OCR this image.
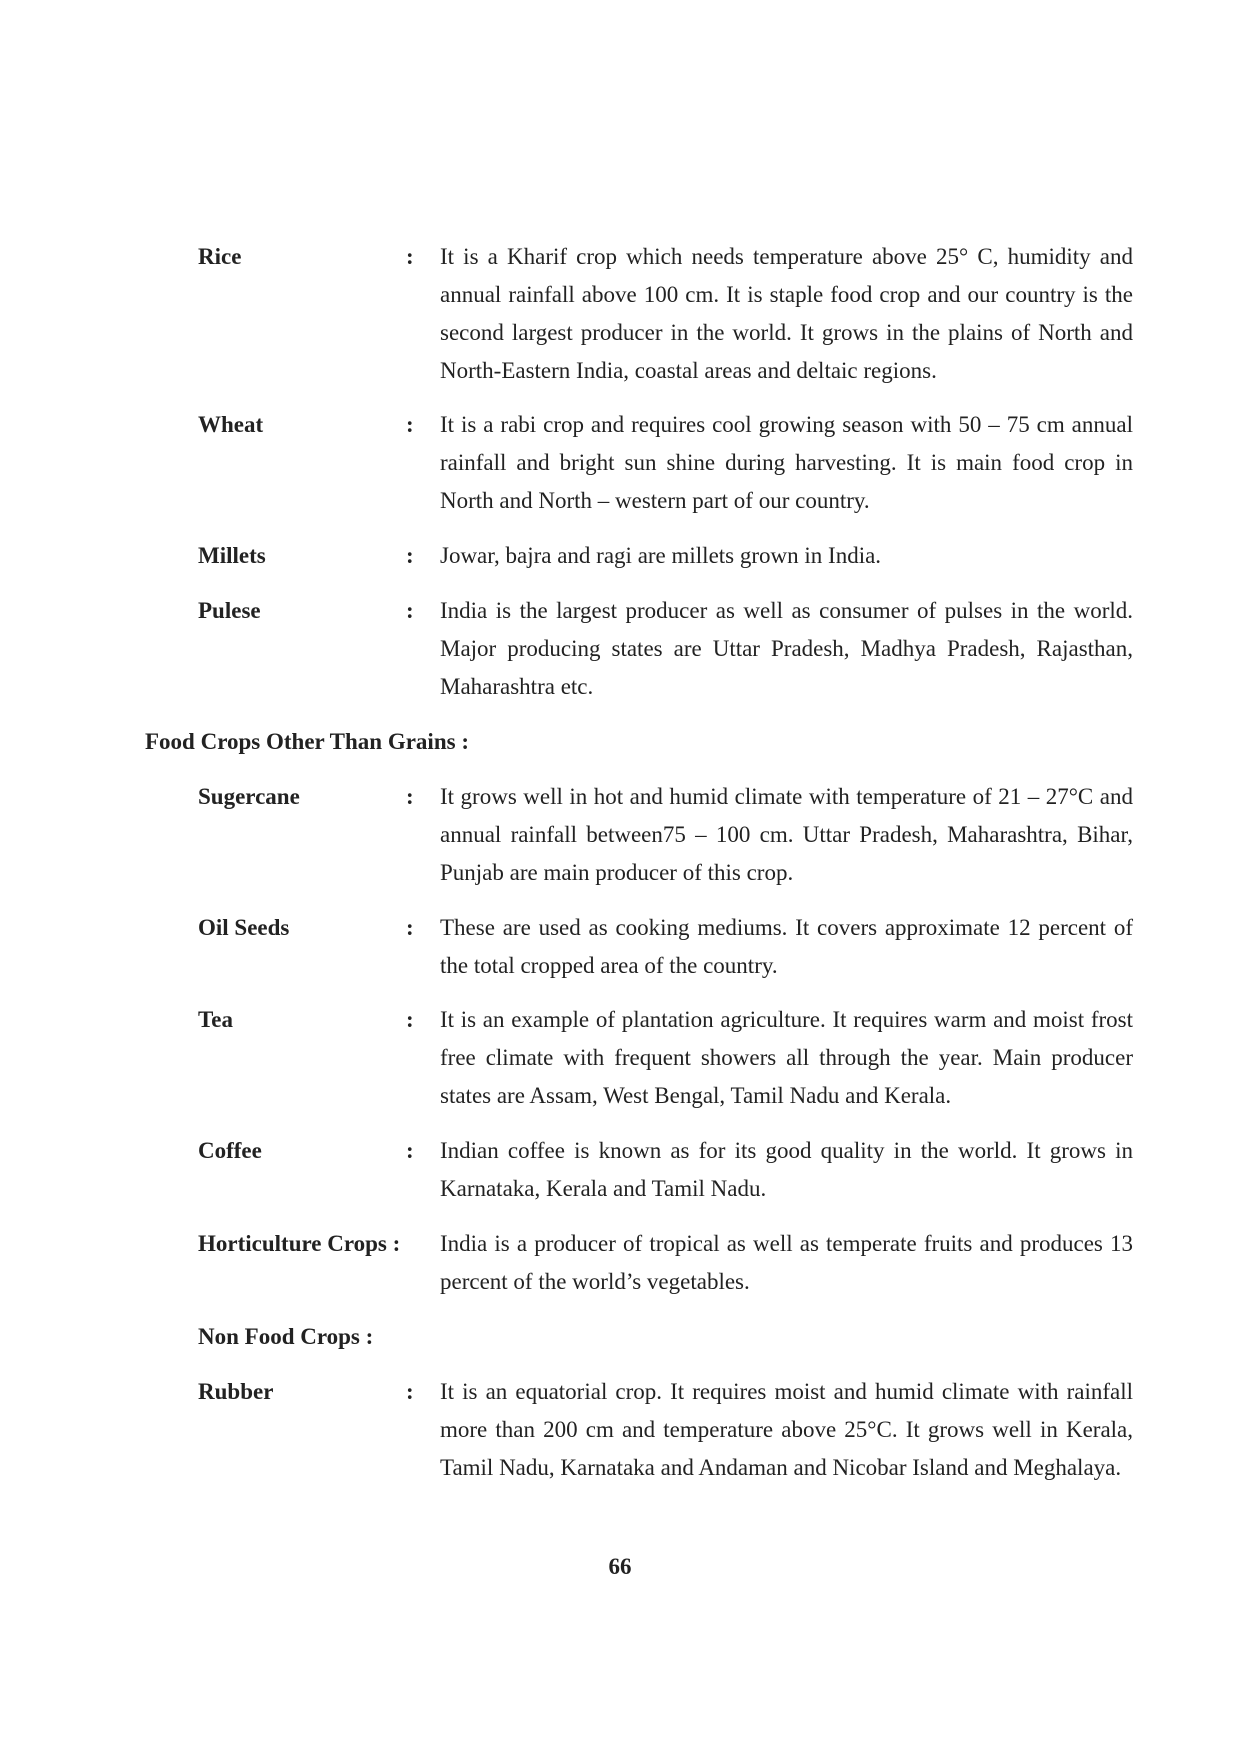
Rice	: It is a Kharif crop which needs temperature above 25° C, humidity and annual rainfall above 100 cm. It is staple food crop and our country is the second largest producer in the world. It grows in the plains of North and North-Eastern India, coastal areas and deltaic regions.
Wheat	: It is a rabi crop and requires cool growing season with 50 – 75 cm annual rainfall and bright sun shine during harvesting. It is main food crop in North and North – western part of our country.
Millets	: Jowar, bajra and ragi are millets grown in India.
Pulese	: India is the largest producer as well as consumer of pulses in the world. Major producing states are Uttar Pradesh, Madhya Pradesh, Rajasthan, Maharashtra etc.
Food Crops Other Than Grains :
Sugercane	: It grows well in hot and humid climate with temperature of 21 – 27°C and annual rainfall between75 – 100 cm. Uttar Pradesh, Maharashtra, Bihar, Punjab are main producer of this crop.
Oil Seeds	: These are used as cooking mediums. It covers approximate 12 percent of the total cropped area of the country.
Tea	: It is an example of plantation agriculture. It requires warm and moist frost free climate with frequent showers all through the year. Main producer states are Assam, West Bengal, Tamil Nadu and Kerala.
Coffee	: Indian coffee is known as for its good quality in the world. It grows in Karnataka, Kerala and Tamil Nadu.
Horticulture Crops : India is a producer of tropical as well as temperate fruits and produces 13 percent of the world’s vegetables.
Non Food Crops :
Rubber	: It is an equatorial crop. It requires moist and humid climate with rainfall more than 200 cm and temperature above 25°C. It grows well in Kerala, Tamil Nadu, Karnataka and Andaman and Nicobar Island and Meghalaya.
66
